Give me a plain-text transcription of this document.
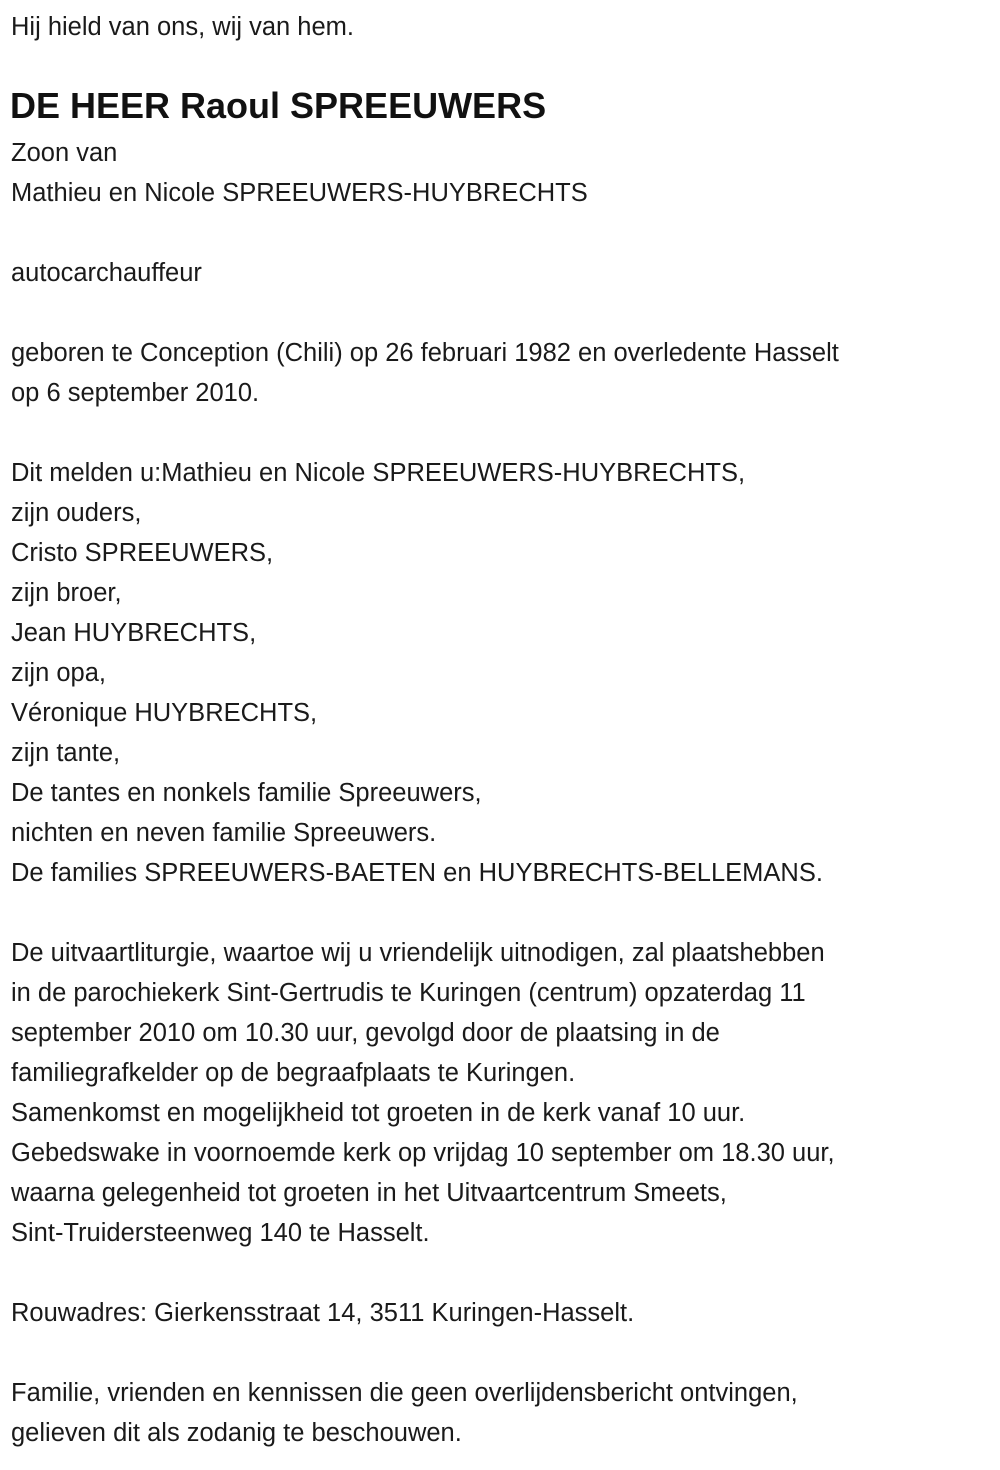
Hij hield van ons, wij van hem.
DE HEER Raoul SPREEUWERS
Zoon van
Mathieu en Nicole SPREEUWERS-HUYBRECHTS
autocarchauffeur
geboren te Conception (Chili) op 26 februari 1982 en overledente Hasselt
op 6 september 2010.
Dit melden u:Mathieu en Nicole SPREEUWERS-HUYBRECHTS,
zijn ouders,
Cristo SPREEUWERS,
zijn broer,
Jean HUYBRECHTS,
zijn opa,
Véronique HUYBRECHTS,
zijn tante,
De tantes en nonkels familie Spreeuwers,
nichten en neven familie Spreeuwers.
De families SPREEUWERS-BAETEN en HUYBRECHTS-BELLEMANS.
De uitvaartliturgie, waartoe wij u vriendelijk uitnodigen, zal plaatshebben
in de parochiekerk Sint-Gertrudis te Kuringen (centrum) opzaterdag 11
september 2010 om 10.30 uur, gevolgd door de plaatsing in de
familiegrafkelder op de begraafplaats te Kuringen.
Samenkomst en mogelijkheid tot groeten in de kerk vanaf 10 uur.
Gebedswake in voornoemde kerk op vrijdag 10 september om 18.30 uur,
waarna gelegenheid tot groeten in het Uitvaartcentrum Smeets,
Sint-Truidersteenweg 140 te Hasselt.
Rouwadres: Gierkensstraat 14, 3511 Kuringen-Hasselt.
Familie, vrienden en kennissen die geen overlijdensbericht ontvingen,
gelieven dit als zodanig te beschouwen.
